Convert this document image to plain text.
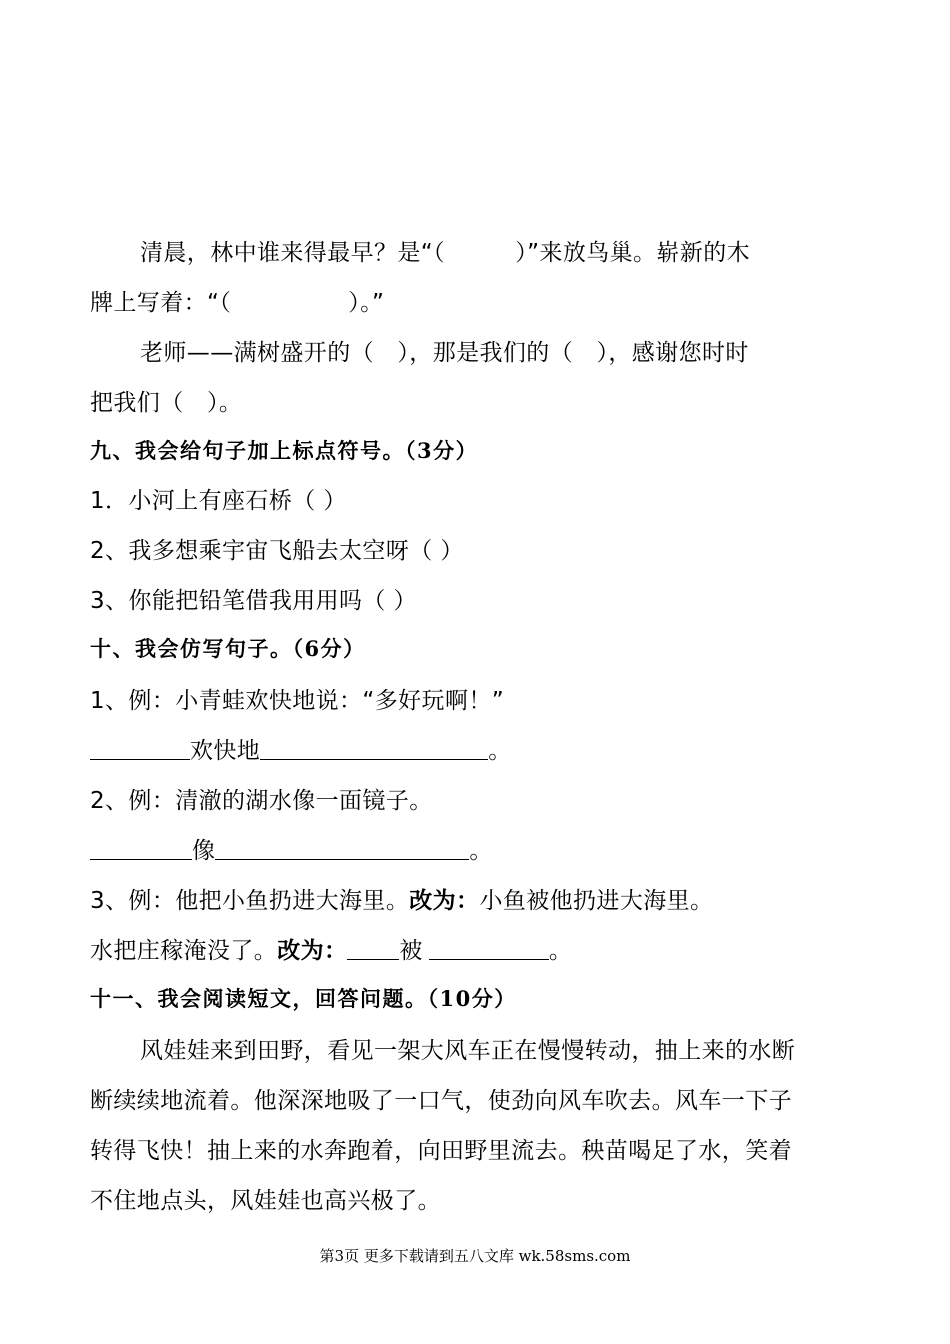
清晨，林中谁来得最早？是“（　　　）”来放鸟巢。崭新的木
牌上写着：“（　　　　　）。”
老师——满树盛开的（　），那是我们的（　），感谢您时时
把我们（　）。
九、我会给句子加上标点符号。（3分）
1．小河上有座石桥（ ）
2、我多想乘宇宙飞船去太空呀（ ）
3、你能把铅笔借我用用吗（ ）
十、我会仿写句子。（6分）
1、例：小青蛙欢快地说：“多好玩啊！”
欢快地	。
2、例：清澈的湖水像一面镜子。
像	。
3、例：他把小鱼扔进大海里。改为：小鱼被他扔进大海里。
水把庄稼淹没了。改为： 被	。
十一、我会阅读短文，回答问题。（10分）
风娃娃来到田野，看见一架大风车正在慢慢转动，抽上来的水断
断续续地流着。他深深地吸了一口气，使劲向风车吹去。风车一下子
转得飞快！抽上来的水奔跑着，向田野里流去。秧苗喝足了水，笑着
不住地点头，风娃娃也高兴极了。
第3页 更多下载请到五八文库 wk.58sms.com
